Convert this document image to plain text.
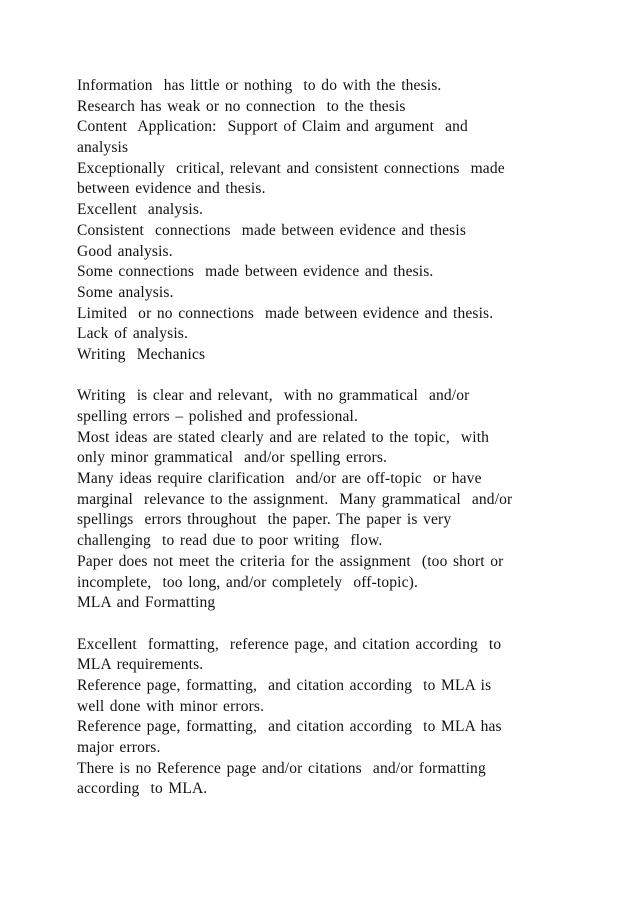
Information  has little or nothing  to do with the thesis.
Research has weak or no connection  to the thesis
Content  Application:  Support of Claim and argument  and
analysis
Exceptionally  critical, relevant and consistent connections  made
between evidence and thesis.
Excellent  analysis.
Consistent  connections  made between evidence and thesis
Good analysis.
Some connections  made between evidence and thesis.
Some analysis.
Limited  or no connections  made between evidence and thesis.
Lack of analysis.
Writing  Mechanics
Writing  is clear and relevant,  with no grammatical  and/or
spelling errors – polished and professional.
Most ideas are stated clearly and are related to the topic,  with
only minor grammatical  and/or spelling errors.
Many ideas require clarification  and/or are off-topic  or have
marginal  relevance to the assignment.  Many grammatical  and/or
spellings  errors throughout  the paper. The paper is very
challenging  to read due to poor writing  flow.
Paper does not meet the criteria for the assignment  (too short or
incomplete,  too long, and/or completely  off-topic).
MLA and Formatting
Excellent  formatting,  reference page, and citation according  to
MLA requirements.
Reference page, formatting,  and citation according  to MLA is
well done with minor errors.
Reference page, formatting,  and citation according  to MLA has
major errors.
There is no Reference page and/or citations  and/or formatting
according  to MLA.
